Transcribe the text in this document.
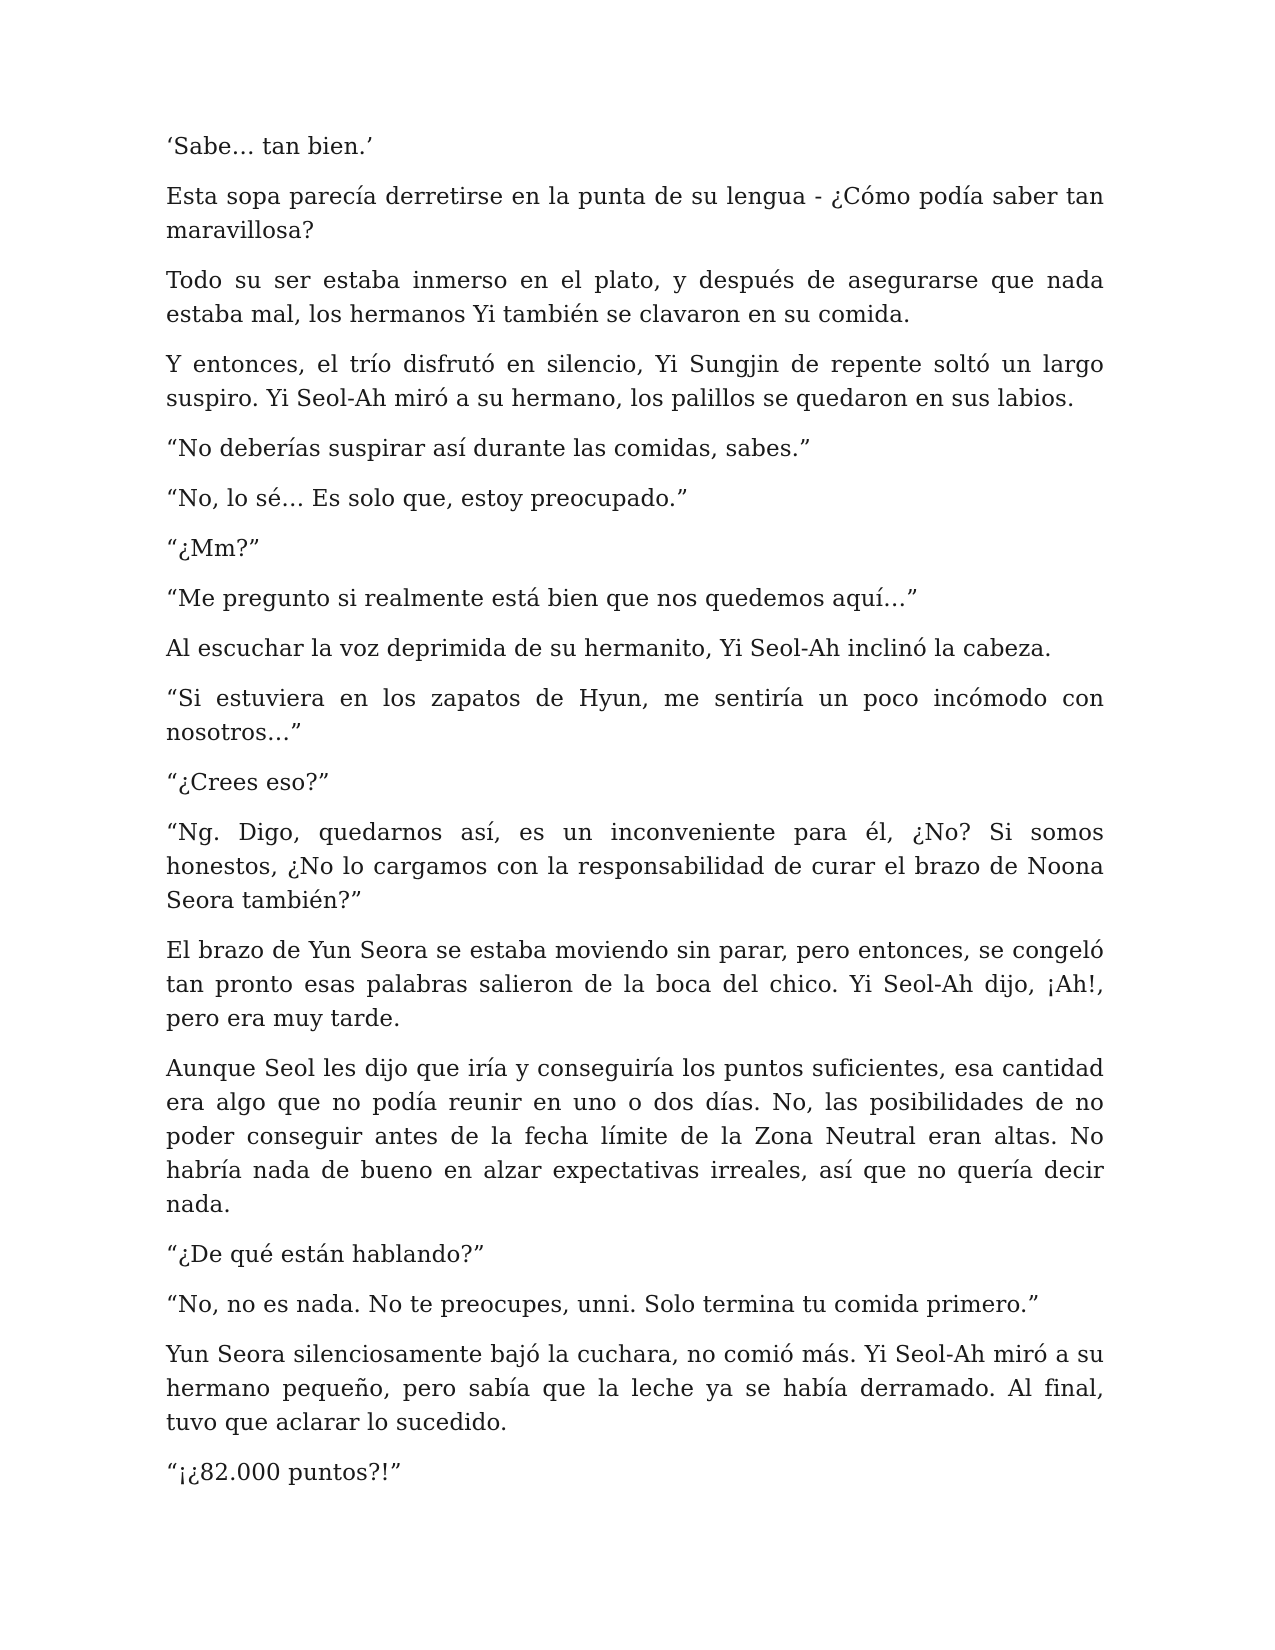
‘Sabe… tan bien.’

Esta sopa parecía derretirse en la punta de su lengua - ¿Cómo podía saber tan maravillosa?

Todo su ser estaba inmerso en el plato, y después de asegurarse que nada estaba mal, los hermanos Yi también se clavaron en su comida.

Y entonces, el trío disfrutó en silencio, Yi Sungjin de repente soltó un largo suspiro. Yi Seol-Ah miró a su hermano, los palillos se quedaron en sus labios.

“No deberías suspirar así durante las comidas, sabes.”

“No, lo sé… Es solo que, estoy preocupado.”

“¿Mm?”

“Me pregunto si realmente está bien que nos quedemos aquí…”

Al escuchar la voz deprimida de su hermanito, Yi Seol-Ah inclinó la cabeza.

“Si estuviera en los zapatos de Hyun, me sentiría un poco incómodo con nosotros…”

“¿Crees eso?”

“Ng. Digo, quedarnos así, es un inconveniente para él, ¿No? Si somos honestos, ¿No lo cargamos con la responsabilidad de curar el brazo de Noona Seora también?”

El brazo de Yun Seora se estaba moviendo sin parar, pero entonces, se congeló tan pronto esas palabras salieron de la boca del chico. Yi Seol-Ah dijo, ¡Ah!, pero era muy tarde.

Aunque Seol les dijo que iría y conseguiría los puntos suficientes, esa cantidad era algo que no podía reunir en uno o dos días. No, las posibilidades de no poder conseguir antes de la fecha límite de la Zona Neutral eran altas. No habría nada de bueno en alzar expectativas irreales, así que no quería decir nada.

“¿De qué están hablando?”

“No, no es nada. No te preocupes, unni. Solo termina tu comida primero.”

Yun Seora silenciosamente bajó la cuchara, no comió más. Yi Seol-Ah miró a su hermano pequeño, pero sabía que la leche ya se había derramado. Al final, tuvo que aclarar lo sucedido.

“¡¿82.000 puntos?!”
